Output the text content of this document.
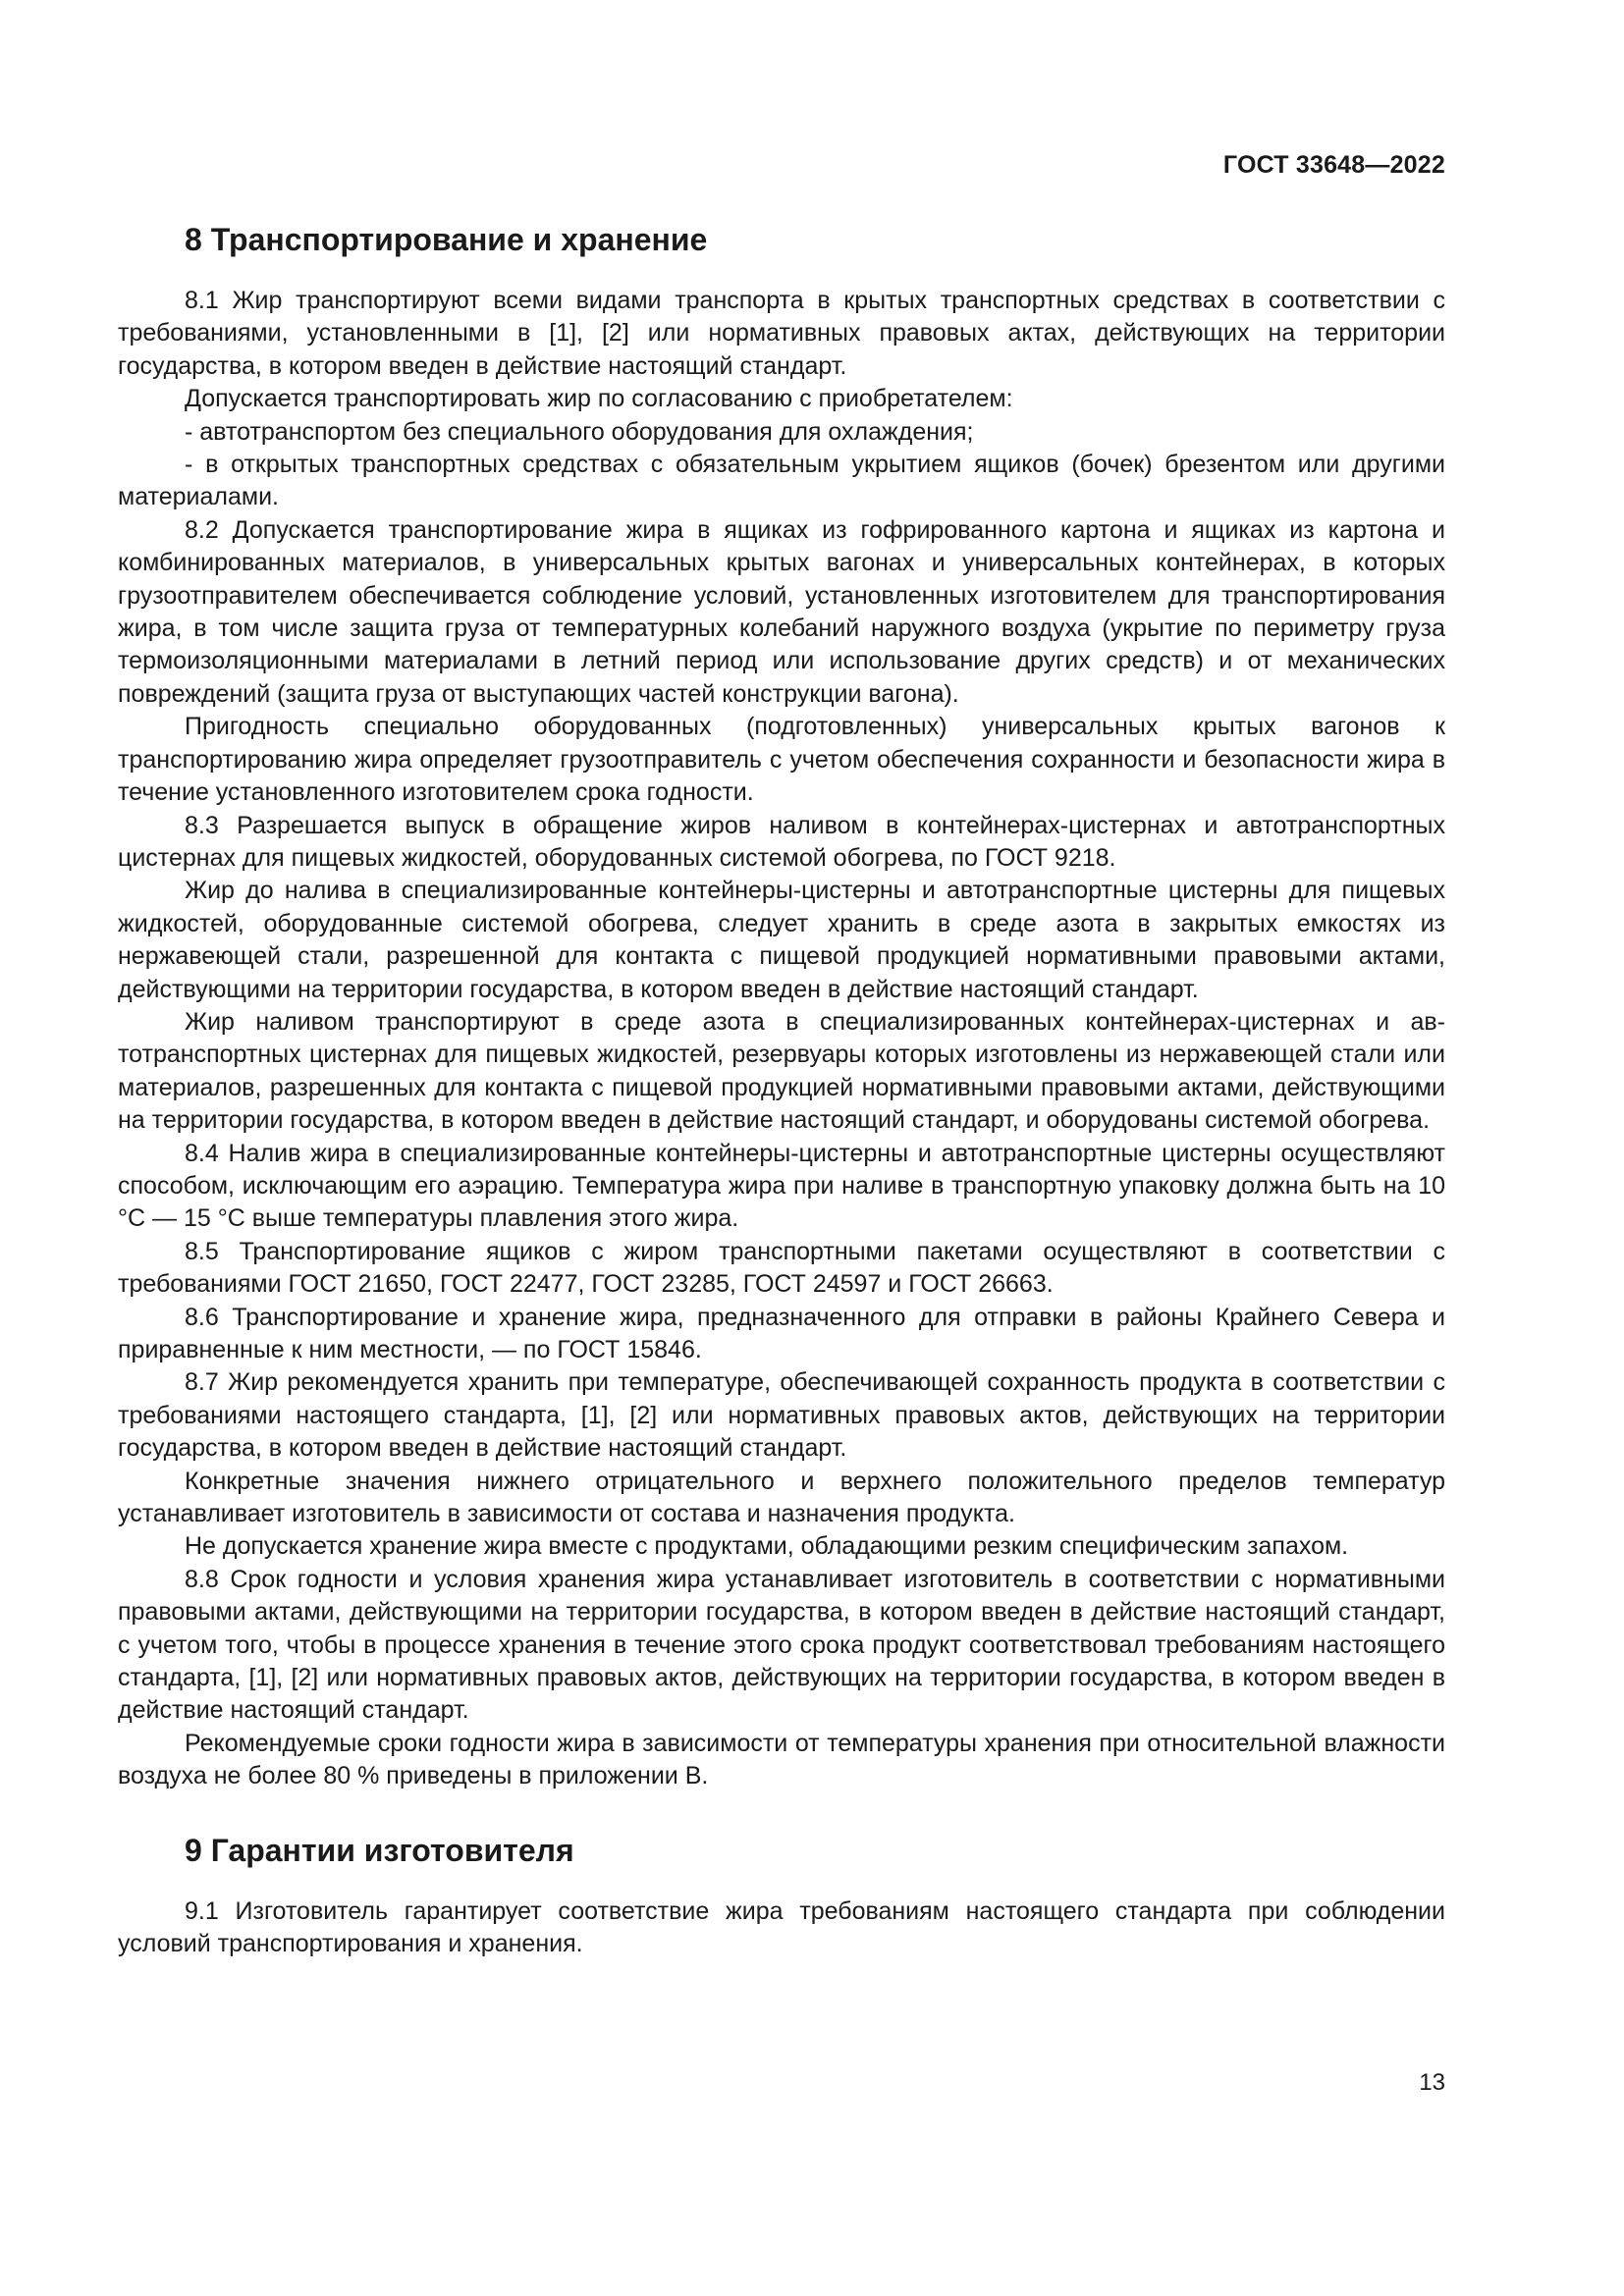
ГОСТ 33648—2022
8 Транспортирование и хранение

8.1 Жир транспортируют всеми видами транспорта в крытых транспортных средствах в соответствии с требованиями, установленными в [1], [2] или нормативных правовых актах, действующих на территории государства, в котором введен в действие настоящий стандарт.

Допускается транспортировать жир по согласованию с приобретателем:

- автотранспортом без специального оборудования для охлаждения;

- в открытых транспортных средствах с обязательным укрытием ящиков (бочек) брезентом или другими материалами.

8.2 Допускается транспортирование жира в ящиках из гофрированного картона и ящиках из картона и комбинированных материалов, в универсальных крытых вагонах и универсальных контейнерах, в которых грузоотправителем обеспечивается соблюдение условий, установленных изготовителем для транспортирования жира, в том числе защита груза от температурных колебаний наружного воздуха (укрытие по периметру груза термоизоляционными материалами в летний период или использование других средств) и от механических повреждений (защита груза от выступающих частей конструкции вагона).

Пригодность специально оборудованных (подготовленных) универсальных крытых вагонов к транспортированию жира определяет грузоотправитель с учетом обеспечения сохранности и безопасности жира в течение установленного изготовителем срока годности.

8.3 Разрешается выпуск в обращение жиров наливом в контейнерах-цистернах и автотранспортных цистернах для пищевых жидкостей, оборудованных системой обогрева, по ГОСТ 9218.

Жир до налива в специализированные контейнеры-цистерны и автотранспортные цистерны для пищевых жидкостей, оборудованные системой обогрева, следует хранить в среде азота в закрытых емкостях из нержавеющей стали, разрешенной для контакта с пищевой продукцией нормативными правовыми актами, действующими на территории государства, в котором введен в действие настоящий стандарт.

Жир наливом транспортируют в среде азота в специализированных контейнерах-цистернах и автотранспортных цистернах для пищевых жидкостей, резервуары которых изготовлены из нержавеющей стали или материалов, разрешенных для контакта с пищевой продукцией нормативными правовыми актами, действующими на территории государства, в котором введен в действие настоящий стандарт, и оборудованы системой обогрева.

8.4 Налив жира в специализированные контейнеры-цистерны и автотранспортные цистерны осуществляют способом, исключающим его аэрацию. Температура жира при наливе в транспортную упаковку должна быть на 10 °С — 15 °С выше температуры плавления этого жира.

8.5 Транспортирование ящиков с жиром транспортными пакетами осуществляют в соответствии с требованиями ГОСТ 21650, ГОСТ 22477, ГОСТ 23285, ГОСТ 24597 и ГОСТ 26663.

8.6 Транспортирование и хранение жира, предназначенного для отправки в районы Крайнего Севера и приравненные к ним местности, — по ГОСТ 15846.

8.7 Жир рекомендуется хранить при температуре, обеспечивающей сохранность продукта в соответствии с требованиями настоящего стандарта, [1], [2] или нормативных правовых актов, действующих на территории государства, в котором введен в действие настоящий стандарт.

Конкретные значения нижнего отрицательного и верхнего положительного пределов температур устанавливает изготовитель в зависимости от состава и назначения продукта.

Не допускается хранение жира вместе с продуктами, обладающими резким специфическим запахом.

8.8 Срок годности и условия хранения жира устанавливает изготовитель в соответствии с нормативными правовыми актами, действующими на территории государства, в котором введен в действие настоящий стандарт, с учетом того, чтобы в процессе хранения в течение этого срока продукт соответствовал требованиям настоящего стандарта, [1], [2] или нормативных правовых актов, действующих на территории государства, в котором введен в действие настоящий стандарт.

Рекомендуемые сроки годности жира в зависимости от температуры хранения при относительной влажности воздуха не более 80 % приведены в приложении В.

9 Гарантии изготовителя

9.1 Изготовитель гарантирует соответствие жира требованиям настоящего стандарта при соблюдении условий транспортирования и хранения.

13
